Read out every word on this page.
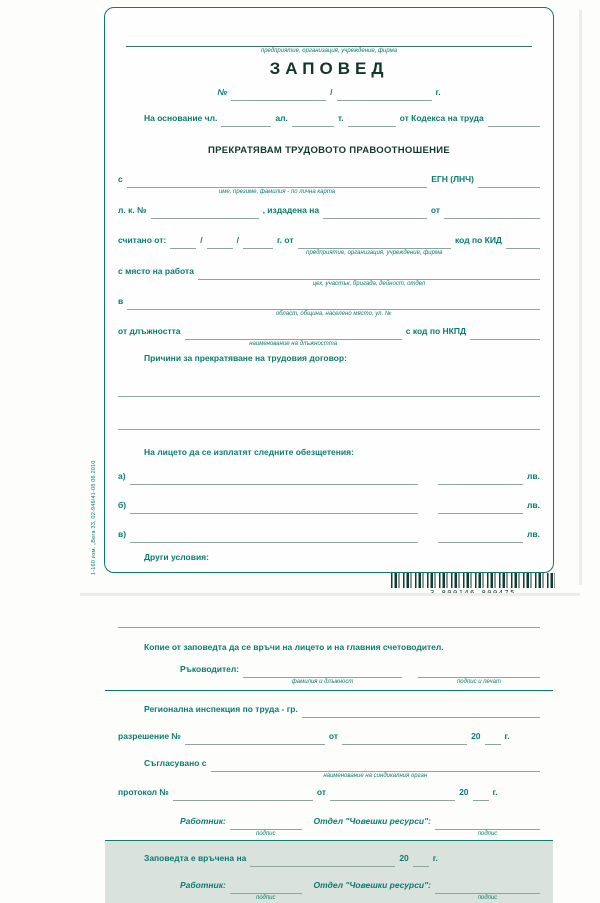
предприятие, организация, учреждение, фирма
ЗАПОВЕД
№	/	г.
На основание чл.	ал.	т.	от Кодекса на труда
ПРЕКРАТЯВАМ ТРУДОВОТО ПРАВООТНОШЕНИЕ
с
име, презиме, фамилия - по лична карта
ЕГН (ЛНЧ)
л. к. №	, издадена на	от
считано от:	/	/	г. от
предприятие, организация, учреждение, фирма
код по КИД
с място на работа
цех, участък, бригада, дейност, отдел
в
област, община, населено място, ул. №
от длъжността
наименование на длъжността
с код по НКПД
Причини за прекратяване на трудовия договор:
На лицето да се изплатят следните обезщетения:
а)	лв.
б)	лв.
в)	лв.
Други условия:
Копие от заповедта да се връчи на лицето и на главния счетоводител.
Ръководител:
фамилия и длъжност	подпис и печат
Регионална инспекция по труда - гр.
разрешение №	от	20	г.
Съгласувано с
наименование на синдикалния орган
протокол №	от	20	г.
Работник:
подпис
Отдел "Човешки ресурси":
подпис
Заповедта е връчена на	20	г.
Работник:
подпис
Отдел "Човешки ресурси":
подпис
1-160 изм. „Вега 33, 02-946/41-08 06.2010
